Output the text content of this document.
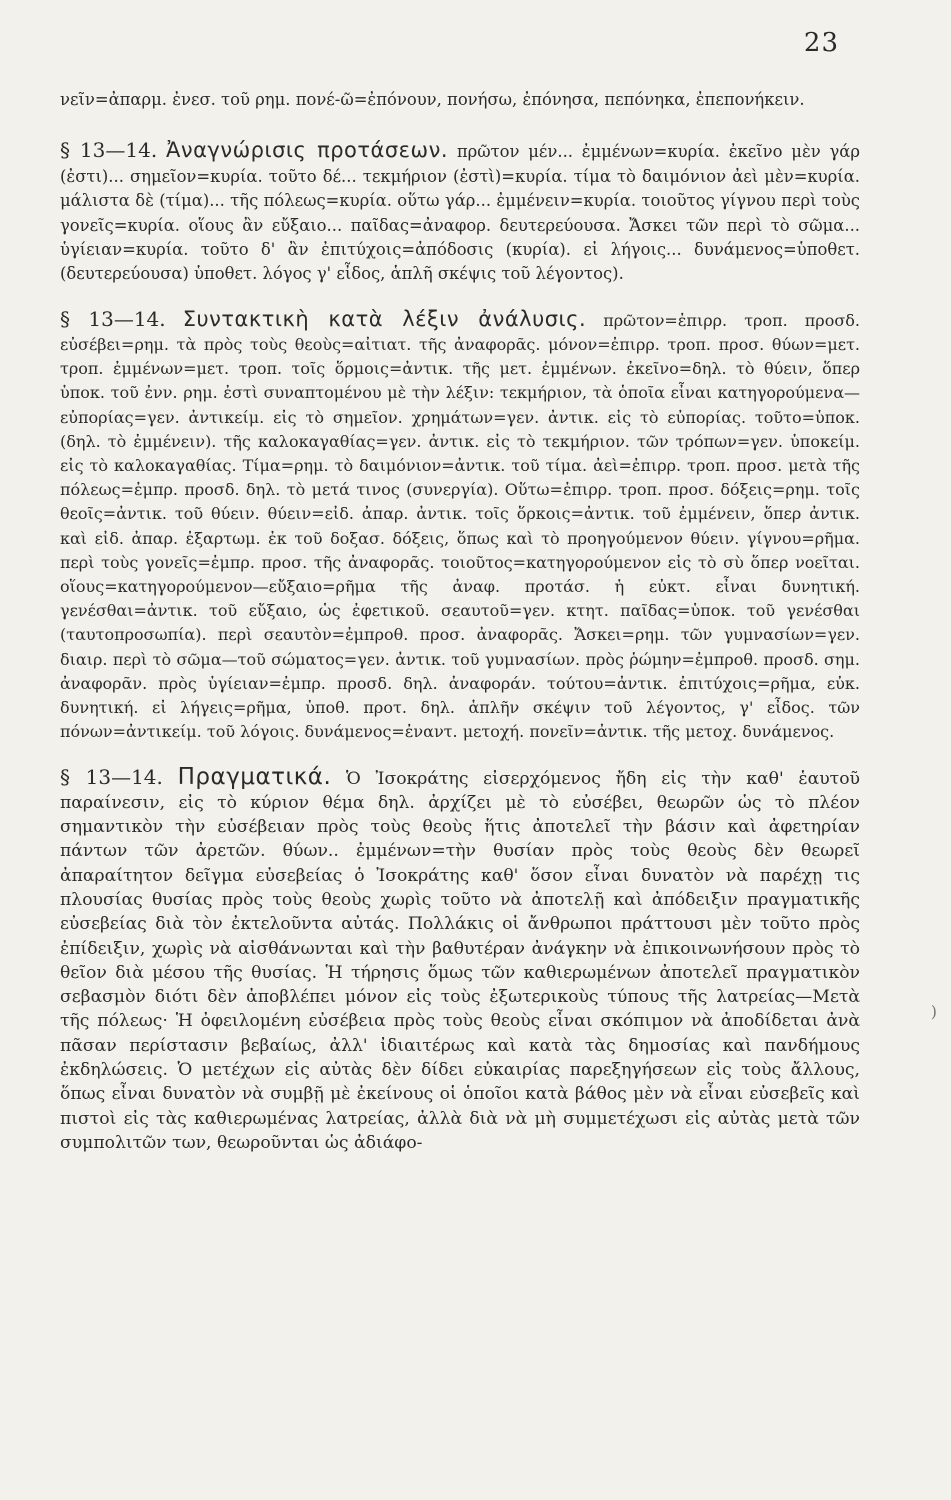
23

νεῖν=ἀπαρμ. ἐνεσ. τοῦ ρημ. πονέ-ῶ=ἐπόνουν, πονήσω, ἐπόνησα, πεπόνηκα, ἐπεπονήκειν.

§ 13—14. Ἀναγνώρισις προτάσεων. πρῶτον μέν... ἐμμένων=κυρία. ἐκεῖνο μὲν γάρ (ἐστι)... σημεῖον=κυρία. τοῦτο δέ... τεκμήριον (ἐστὶ)=κυρία. τίμα τὸ δαιμόνιον ἀεὶ μὲν=κυρία. μάλιστα δὲ (τίμα)... τῆς πόλεως=κυρία. οὕτω γάρ... ἐμμένειν=κυρία. τοιοῦτος γίγνου περὶ τοὺς γονεῖς=κυρία. οἵους ἂν εὔξαιο... παῖδας=ἀναφορ. δευτερεύουσα. Ἄσκει τῶν περὶ τὸ σῶμα... ὑγίειαν=κυρία. τοῦτο δ' ἂν ἐπιτύχοις=ἀπόδοσις (κυρία). εἰ λήγοις... δυνάμενος=ὑποθετ. (δευτερεύουσα) ὑποθετ. λόγος γ' εἶδος, ἁπλῆ σκέψις τοῦ λέγοντος).

§ 13—14. Συντακτικὴ κατὰ λέξιν ἀνάλυσις. πρῶτον=ἐπιρρ. τροπ. προσδ. εὐσέβει=ρημ. τὰ πρὸς τοὺς θεοὺς=αἰτιατ. τῆς ἀναφορᾶς. μόνον=ἐπιρρ. τροπ. προσ. θύων=μετ. τροπ. ἐμμένων=μετ. τροπ. τοῖς ὅρμοις=ἀντικ. τῆς μετ. ἐμμένων. ἐκεῖνο=δηλ. τὸ θύειν, ὅπερ ὑποκ. τοῦ ἐνν. ρημ. ἐστὶ συναπτομένου μὲ τὴν λέξιν: τεκμήριον, τὰ ὁποῖα εἶναι κατηγορούμενα—εὐπορίας=γεν. ἀντικείμ. εἰς τὸ σημεῖον. χρημάτων=γεν. ἀντικ. εἰς τὸ εὐπορίας. τοῦτο=ὑποκ. (δηλ. τὸ ἐμμένειν). τῆς καλοκαγαθίας=γεν. ἀντικ. εἰς τὸ τεκμήριον. τῶν τρόπων=γεν. ὑποκείμ. εἰς τὸ καλοκαγαθίας. Τίμα=ρημ. τὸ δαιμόνιον=ἀντικ. τοῦ τίμα. ἀεὶ=ἐπιρρ. τροπ. προσ. μετὰ τῆς πόλεως=ἐμπρ. προσδ. δηλ. τὸ μετά τινος (συνεργία). Οὕτω=ἐπιρρ. τροπ. προσ. δόξεις=ρημ. τοῖς θεοῖς=ἀντικ. τοῦ θύειν. θύειν=εἰδ. ἀπαρ. ἀντικ. τοῖς ὅρκοις=ἀντικ. τοῦ ἐμμένειν, ὅπερ ἀντικ. καὶ εἰδ. ἀπαρ. ἐξαρτωμ. ἐκ τοῦ δοξασ. δόξεις, ὅπως καὶ τὸ προηγούμενον θύειν. γίγνου=ρῆμα. περὶ τοὺς γονεῖς=ἐμπρ. προσ. τῆς ἀναφορᾶς. τοιοῦτος=κατηγορούμενον εἰς τὸ σὺ ὅπερ νοεῖται. οἵους=κατηγορούμενον—εὔξαιο=ρῆμα τῆς ἀναφ. προτάσ. ἡ εὐκτ. εἶναι δυνητική. γενέσθαι=ἀντικ. τοῦ εὔξαιο, ὡς ἐφετικοῦ. σεαυτοῦ=γεν. κτητ. παῖδας=ὑποκ. τοῦ γενέσθαι (ταυτοπροσωπία). περὶ σεαυτὸν=ἐμπροθ. προσ. ἀναφορᾶς. Ἄσκει=ρημ. τῶν γυμνασίων=γεν. διαιρ. περὶ τὸ σῶμα—τοῦ σώματος=γεν. ἀντικ. τοῦ γυμνασίων. πρὸς ῥώμην=ἐμπροθ. προσδ. σημ. ἀναφορᾶν. πρὸς ὑγίειαν=ἐμπρ. προσδ. δηλ. ἀναφοράν. τούτου=ἀντικ. ἐπιτύχοις=ρῆμα, εὐκ. δυνητική. εἰ λήγεις=ρῆμα, ὑποθ. προτ. δηλ. ἁπλῆν σκέψιν τοῦ λέγοντος, γ' εἶδος. τῶν πόνων=ἀντικείμ. τοῦ λόγοις. δυνάμενος=ἐναντ. μετοχή. πονεῖν=ἀντικ. τῆς μετοχ. δυνάμενος.

§ 13—14. Πραγματικά. Ὁ Ἰσοκράτης εἰσερχόμενος ἤδη εἰς τὴν καθ' ἑαυτοῦ παραίνεσιν, εἰς τὸ κύριον θέμα δηλ. ἀρχίζει μὲ τὸ εὐσέβει, θεωρῶν ὡς τὸ πλέον σημαντικὸν τὴν εὐσέβειαν πρὸς τοὺς θεοὺς ἥτις ἀποτελεῖ τὴν βάσιν καὶ ἀφετηρίαν πάντων τῶν ἀρετῶν. θύων.. ἐμμένων=τὴν θυσίαν πρὸς τοὺς θεοὺς δὲν θεωρεῖ ἀπαραίτητον δεῖγμα εὐσεβείας ὁ Ἰσοκράτης καθ' ὅσον εἶναι δυνατὸν νὰ παρέχῃ τις πλουσίας θυσίας πρὸς τοὺς θεοὺς χωρὶς τοῦτο νὰ ἀποτελῇ καὶ ἀπόδειξιν πραγματικῆς εὐσεβείας διὰ τὸν ἐκτελοῦντα αὐτάς. Πολλάκις οἱ ἄνθρωποι πράττουσι μὲν τοῦτο πρὸς ἐπίδειξιν, χωρὶς νὰ αἰσθάνωνται καὶ τὴν βαθυτέραν ἀνάγκην νὰ ἐπικοινωνήσουν πρὸς τὸ θεῖον διὰ μέσου τῆς θυσίας. Ἡ τήρησις ὅμως τῶν καθιερωμένων ἀποτελεῖ πραγματικὸν σεβασμὸν διότι δὲν ἀποβλέπει μόνον εἰς τοὺς ἐξωτερικοὺς τύπους τῆς λατρείας—Μετὰ τῆς πόλεως· Ἡ ὀφειλομένη εὐσέβεια πρὸς τοὺς θεοὺς εἶναι σκόπιμον νὰ ἀποδίδεται ἀνὰ πᾶσαν περίστασιν βεβαίως, ἀλλ' ἰδιαιτέρως καὶ κατὰ τὰς δημοσίας καὶ πανδήμους ἐκδηλώσεις. Ὁ μετέχων εἰς αὐτὰς δὲν δίδει εὐκαιρίας παρεξηγήσεων εἰς τοὺς ἄλλους, ὅπως εἶναι δυνατὸν νὰ συμβῇ μὲ ἐκείνους οἱ ὁποῖοι κατὰ βάθος μὲν νὰ εἶναι εὐσεβεῖς καὶ πιστοὶ εἰς τὰς καθιερωμένας λατρείας, ἀλλὰ διὰ νὰ μὴ συμμετέχωσι εἰς αὐτὰς μετὰ τῶν συμπολιτῶν των, θεωροῦνται ὡς ἀδιάφο-

)
